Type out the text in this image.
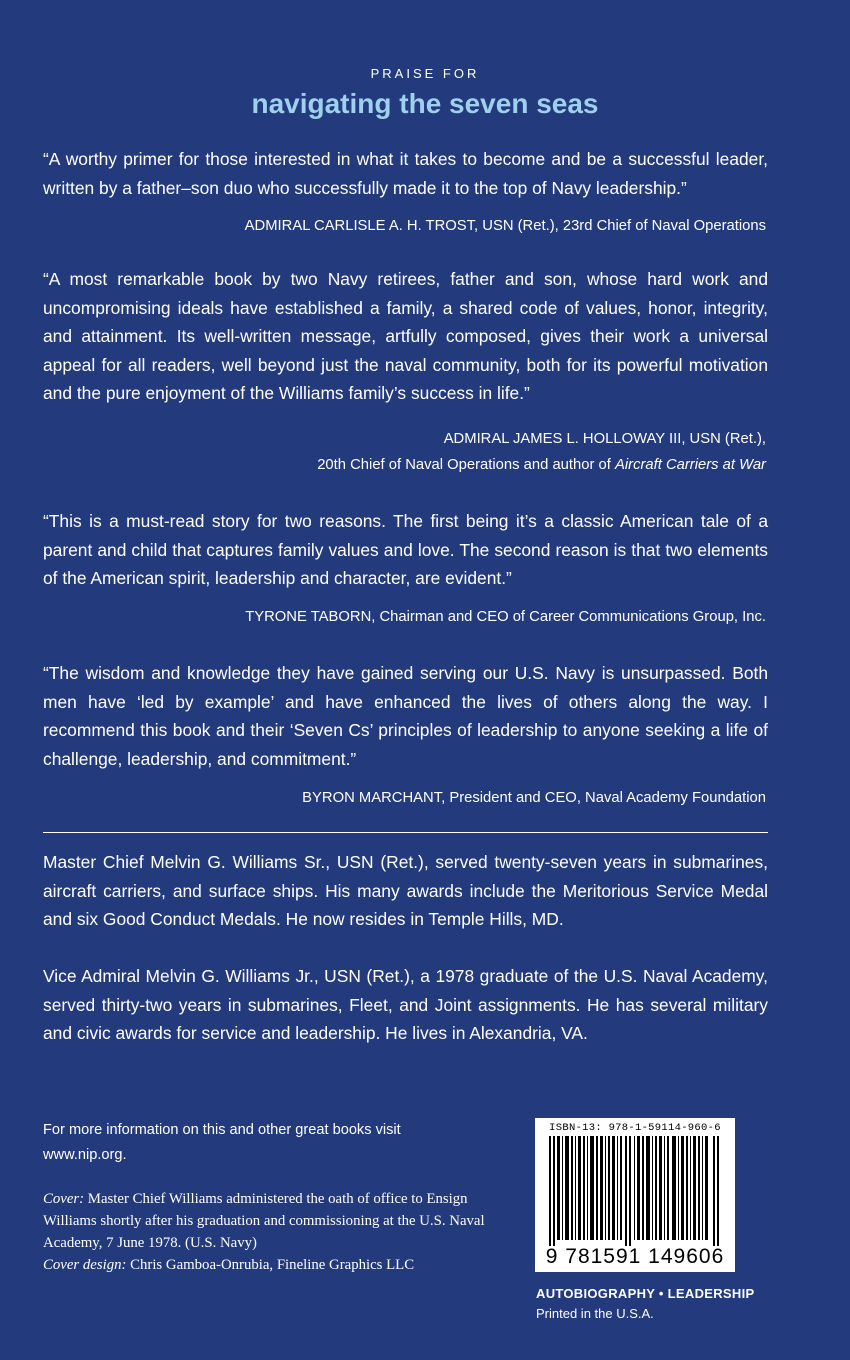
PRAISE FOR
navigating the seven seas

“A worthy primer for those interested in what it takes to become and be a successful leader, written by a father–son duo who successfully made it to the top of Navy leadership.”

ADMIRAL CARLISLE A. H. TROST, USN (Ret.), 23rd Chief of Naval Operations

“A most remarkable book by two Navy retirees, father and son, whose hard work and uncompromising ideals have established a family, a shared code of values, honor, integrity, and attainment. Its well-written message, artfully composed, gives their work a universal appeal for all readers, well beyond just the naval community, both for its powerful motivation and the pure enjoyment of the Williams family’s success in life.”

ADMIRAL JAMES L. HOLLOWAY III, USN (Ret.),
20th Chief of Naval Operations and author of Aircraft Carriers at War

“This is a must-read story for two reasons. The first being it’s a classic American tale of a parent and child that captures family values and love. The second reason is that two elements of the American spirit, leadership and character, are evident.”

TYRONE TABORN, Chairman and CEO of Career Communications Group, Inc.

“The wisdom and knowledge they have gained serving our U.S. Navy is unsurpassed. Both men have ‘led by example’ and have enhanced the lives of others along the way. I recommend this book and their ‘Seven Cs’ principles of leadership to anyone seeking a life of challenge, leadership, and commitment.”

BYRON MARCHANT, President and CEO, Naval Academy Foundation

Master Chief Melvin G. Williams Sr., USN (Ret.), served twenty-seven years in submarines, aircraft carriers, and surface ships. His many awards include the Meritorious Service Medal and six Good Conduct Medals. He now resides in Temple Hills, MD.

Vice Admiral Melvin G. Williams Jr., USN (Ret.), a 1978 graduate of the U.S. Naval Academy, served thirty-two years in submarines, Fleet, and Joint assignments. He has several military and civic awards for service and leadership. He lives in Alexandria, VA.

For more information on this and other great books visit
www.nip.org.
Cover: Master Chief Williams administered the oath of office to Ensign Williams shortly after his graduation and commissioning at the U.S. Naval Academy, 7 June 1978. (U.S. Navy)
Cover design: Chris Gamboa-Onrubia, Fineline Graphics LLC
ISBN-13: 978-1-59114-960-6
9 781591 149606
AUTOBIOGRAPHY • LEADERSHIP
Printed in the U.S.A.
